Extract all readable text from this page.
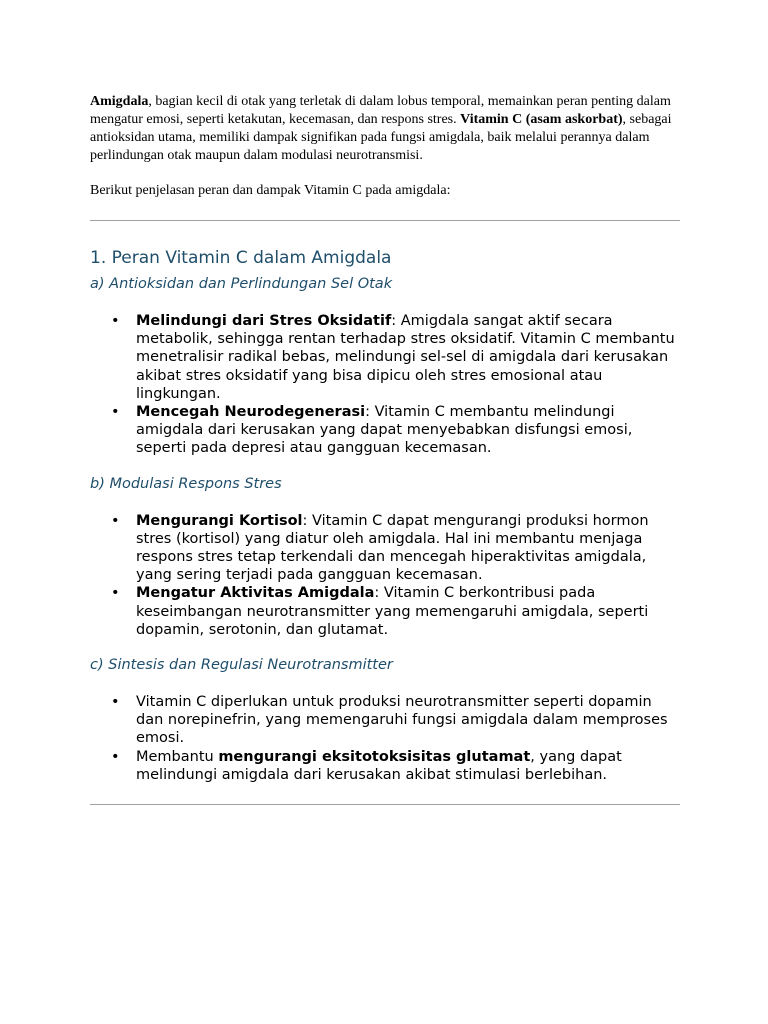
Amigdala, bagian kecil di otak yang terletak di dalam lobus temporal, memainkan peran penting dalam mengatur emosi, seperti ketakutan, kecemasan, dan respons stres. Vitamin C (asam askorbat), sebagai antioksidan utama, memiliki dampak signifikan pada fungsi amigdala, baik melalui perannya dalam perlindungan otak maupun dalam modulasi neurotransmisi.

Berikut penjelasan peran dan dampak Vitamin C pada amigdala:

1. Peran Vitamin C dalam Amigdala
a) Antioksidan dan Perlindungan Sel Otak
• Melindungi dari Stres Oksidatif: Amigdala sangat aktif secara metabolik, sehingga rentan terhadap stres oksidatif. Vitamin C membantu menetralisir radikal bebas, melindungi sel-sel di amigdala dari kerusakan akibat stres oksidatif yang bisa dipicu oleh stres emosional atau lingkungan.
• Mencegah Neurodegenerasi: Vitamin C membantu melindungi amigdala dari kerusakan yang dapat menyebabkan disfungsi emosi, seperti pada depresi atau gangguan kecemasan.
b) Modulasi Respons Stres
• Mengurangi Kortisol: Vitamin C dapat mengurangi produksi hormon stres (kortisol) yang diatur oleh amigdala. Hal ini membantu menjaga respons stres tetap terkendali dan mencegah hiperaktivitas amigdala, yang sering terjadi pada gangguan kecemasan.
• Mengatur Aktivitas Amigdala: Vitamin C berkontribusi pada keseimbangan neurotransmitter yang memengaruhi amigdala, seperti dopamin, serotonin, dan glutamat.
c) Sintesis dan Regulasi Neurotransmitter
• Vitamin C diperlukan untuk produksi neurotransmitter seperti dopamin dan norepinefrin, yang memengaruhi fungsi amigdala dalam memproses emosi.
• Membantu mengurangi eksitotoksisitas glutamat, yang dapat melindungi amigdala dari kerusakan akibat stimulasi berlebihan.
